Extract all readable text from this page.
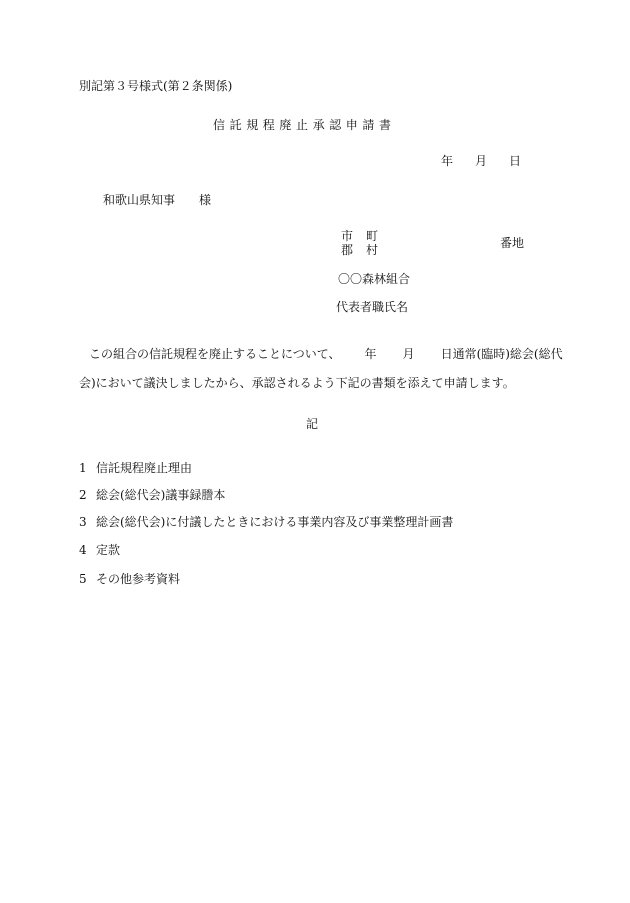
別記第３号様式(第２条関係)
信託規程廃止承認申請書
年 月 日
和歌山県知事 様
市 町
郡 村
番地
〇〇森林組合
代表者職氏名
この組合の信託規程を廃止することについて、 年 月 日通常(臨時)総会(総代
会)において議決しましたから、承認されるよう下記の書類を添えて申請します。
記
1 信託規程廃止理由
2 総会(総代会)議事録謄本
3 総会(総代会)に付議したときにおける事業内容及び事業整理計画書
4 定款
5 その他参考資料
